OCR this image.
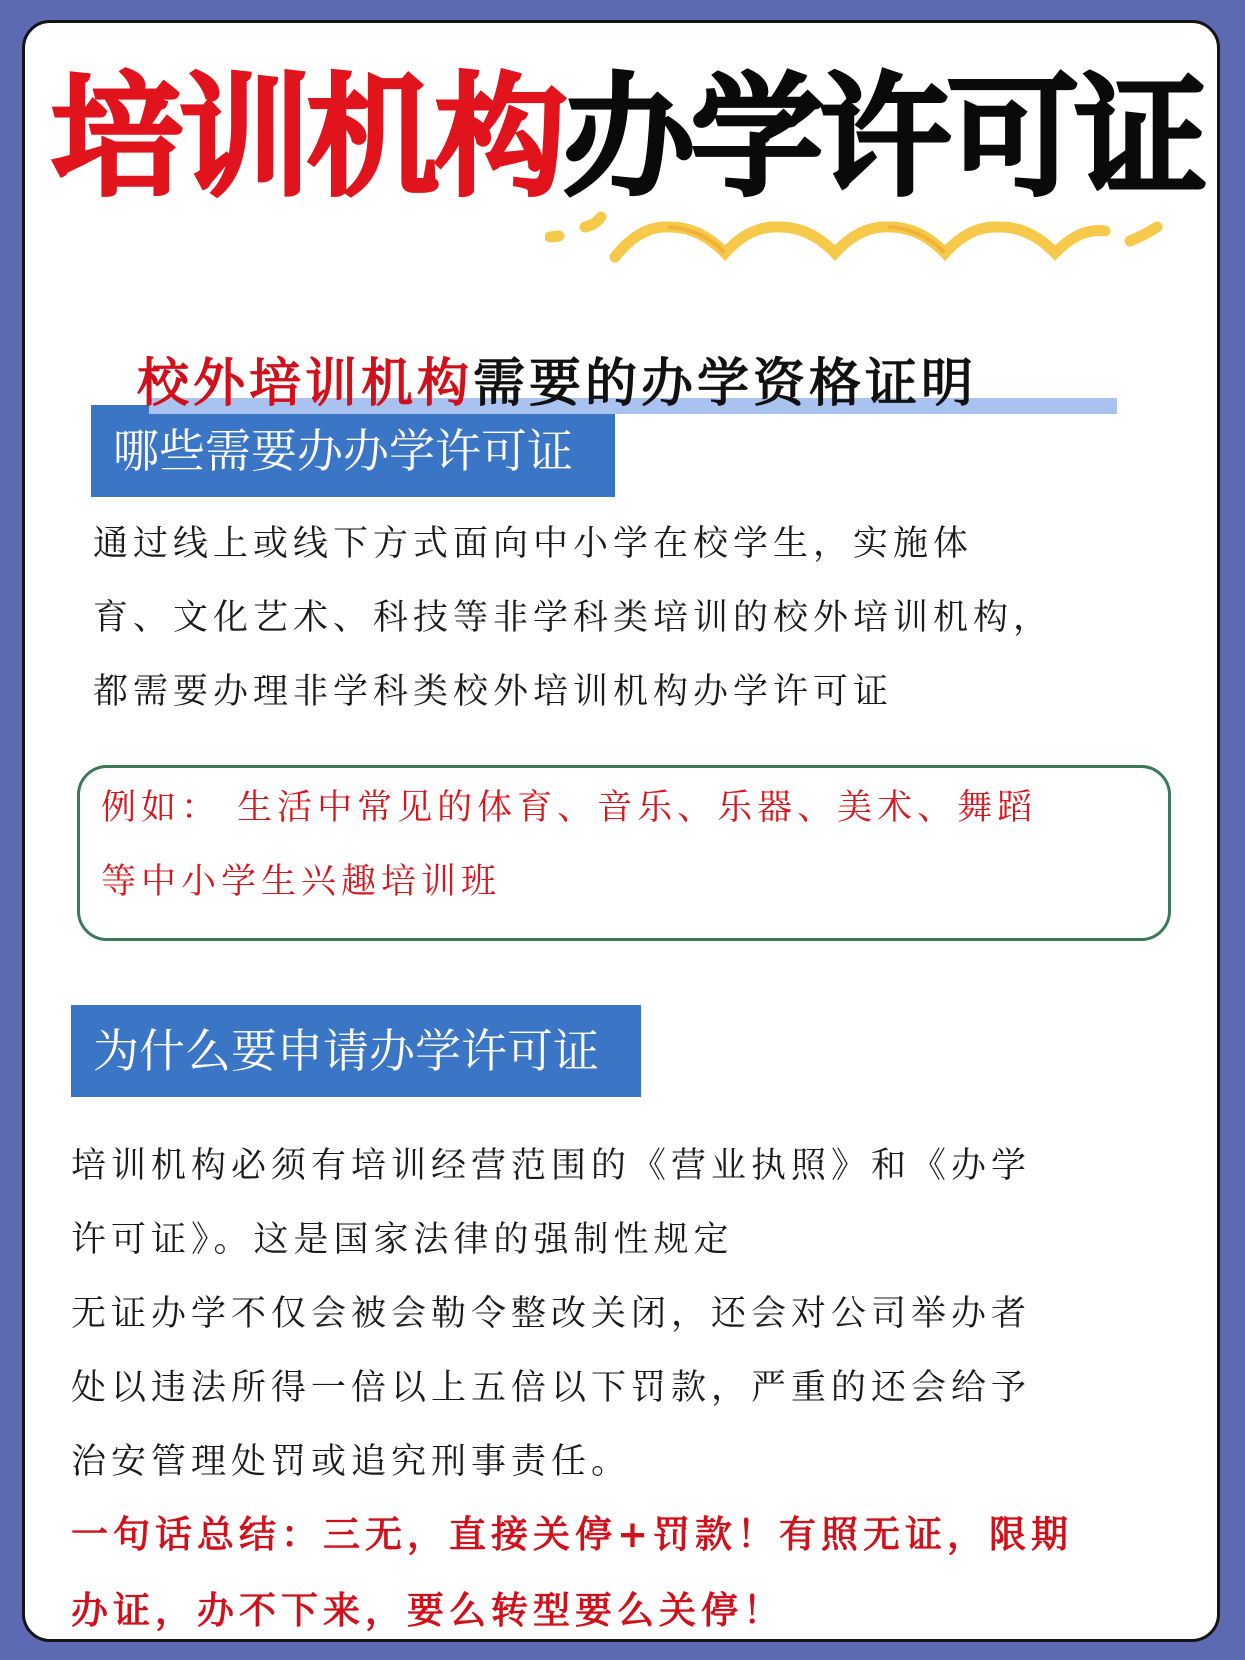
培训机构办学许可证
校外培训机构需要的办学资格证明
哪些需要办办学许可证
通过线上或线下方式面向中小学在校学生，实施体
育、文化艺术、科技等非学科类培训的校外培训机构，
都需要办理非学科类校外培训机构办学许可证
例如： 生活中常见的体育、音乐、乐器、美术、舞蹈
等中小学生兴趣培训班
为什么要申请办学许可证
培训机构必须有培训经营范围的《营业执照》和《办学
许可证》。这是国家法律的强制性规定
无证办学不仅会被会勒令整改关闭，还会对公司举办者
处以违法所得一倍以上五倍以下罚款，严重的还会给予
治安管理处罚或追究刑事责任。
一句话总结：三无，直接关停+罚款！有照无证，限期
办证，办不下来，要么转型要么关停！
